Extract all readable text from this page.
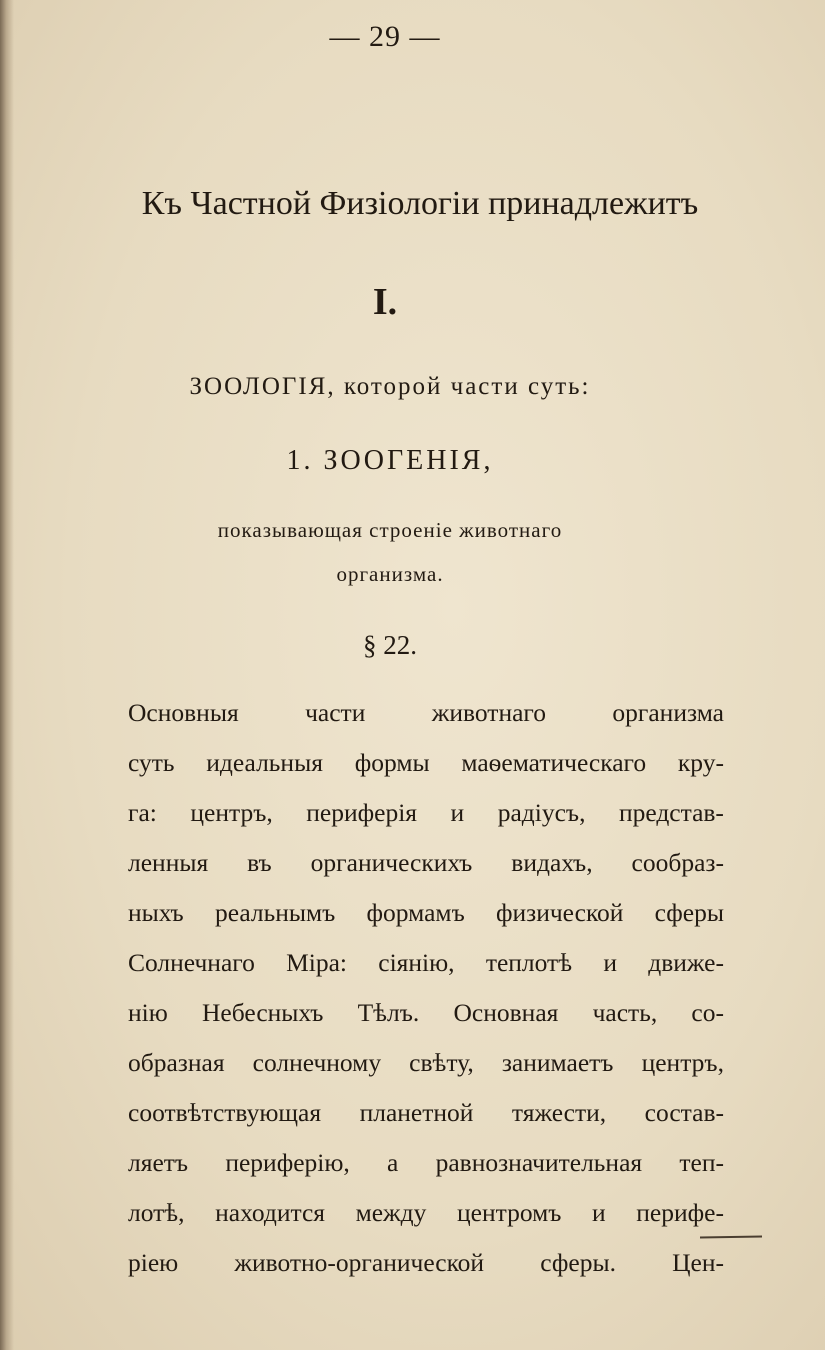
— 29 —
Къ Частной Физіологіи принадлежитъ
I.
ЗООЛОГІЯ, которой части суть:
1. ЗООГЕНІЯ,
показывающая строеніе животнаго
организма.
§ 22.
Основныя	части	животнаго	организма
суть идеальныя формы маѳематическаго кру-
га: центръ, периферія и радіусъ, представ-
ленныя въ органическихъ видахъ, сообраз-
ныхъ реальнымъ формамъ физической сферы
Солнечнаго Міра: сіянію, теплотѣ и движе-
нію Небесныхъ Тѣлъ. Основная часть, со-
образная солнечному свѣту, занимаетъ центръ,
соотвѣтствующая планетной тяжести, состав-
ляетъ периферію, а равнозначительная теп-
лотѣ, находится между центромъ и перифе-
ріею животно-органической сферы. Цен-
